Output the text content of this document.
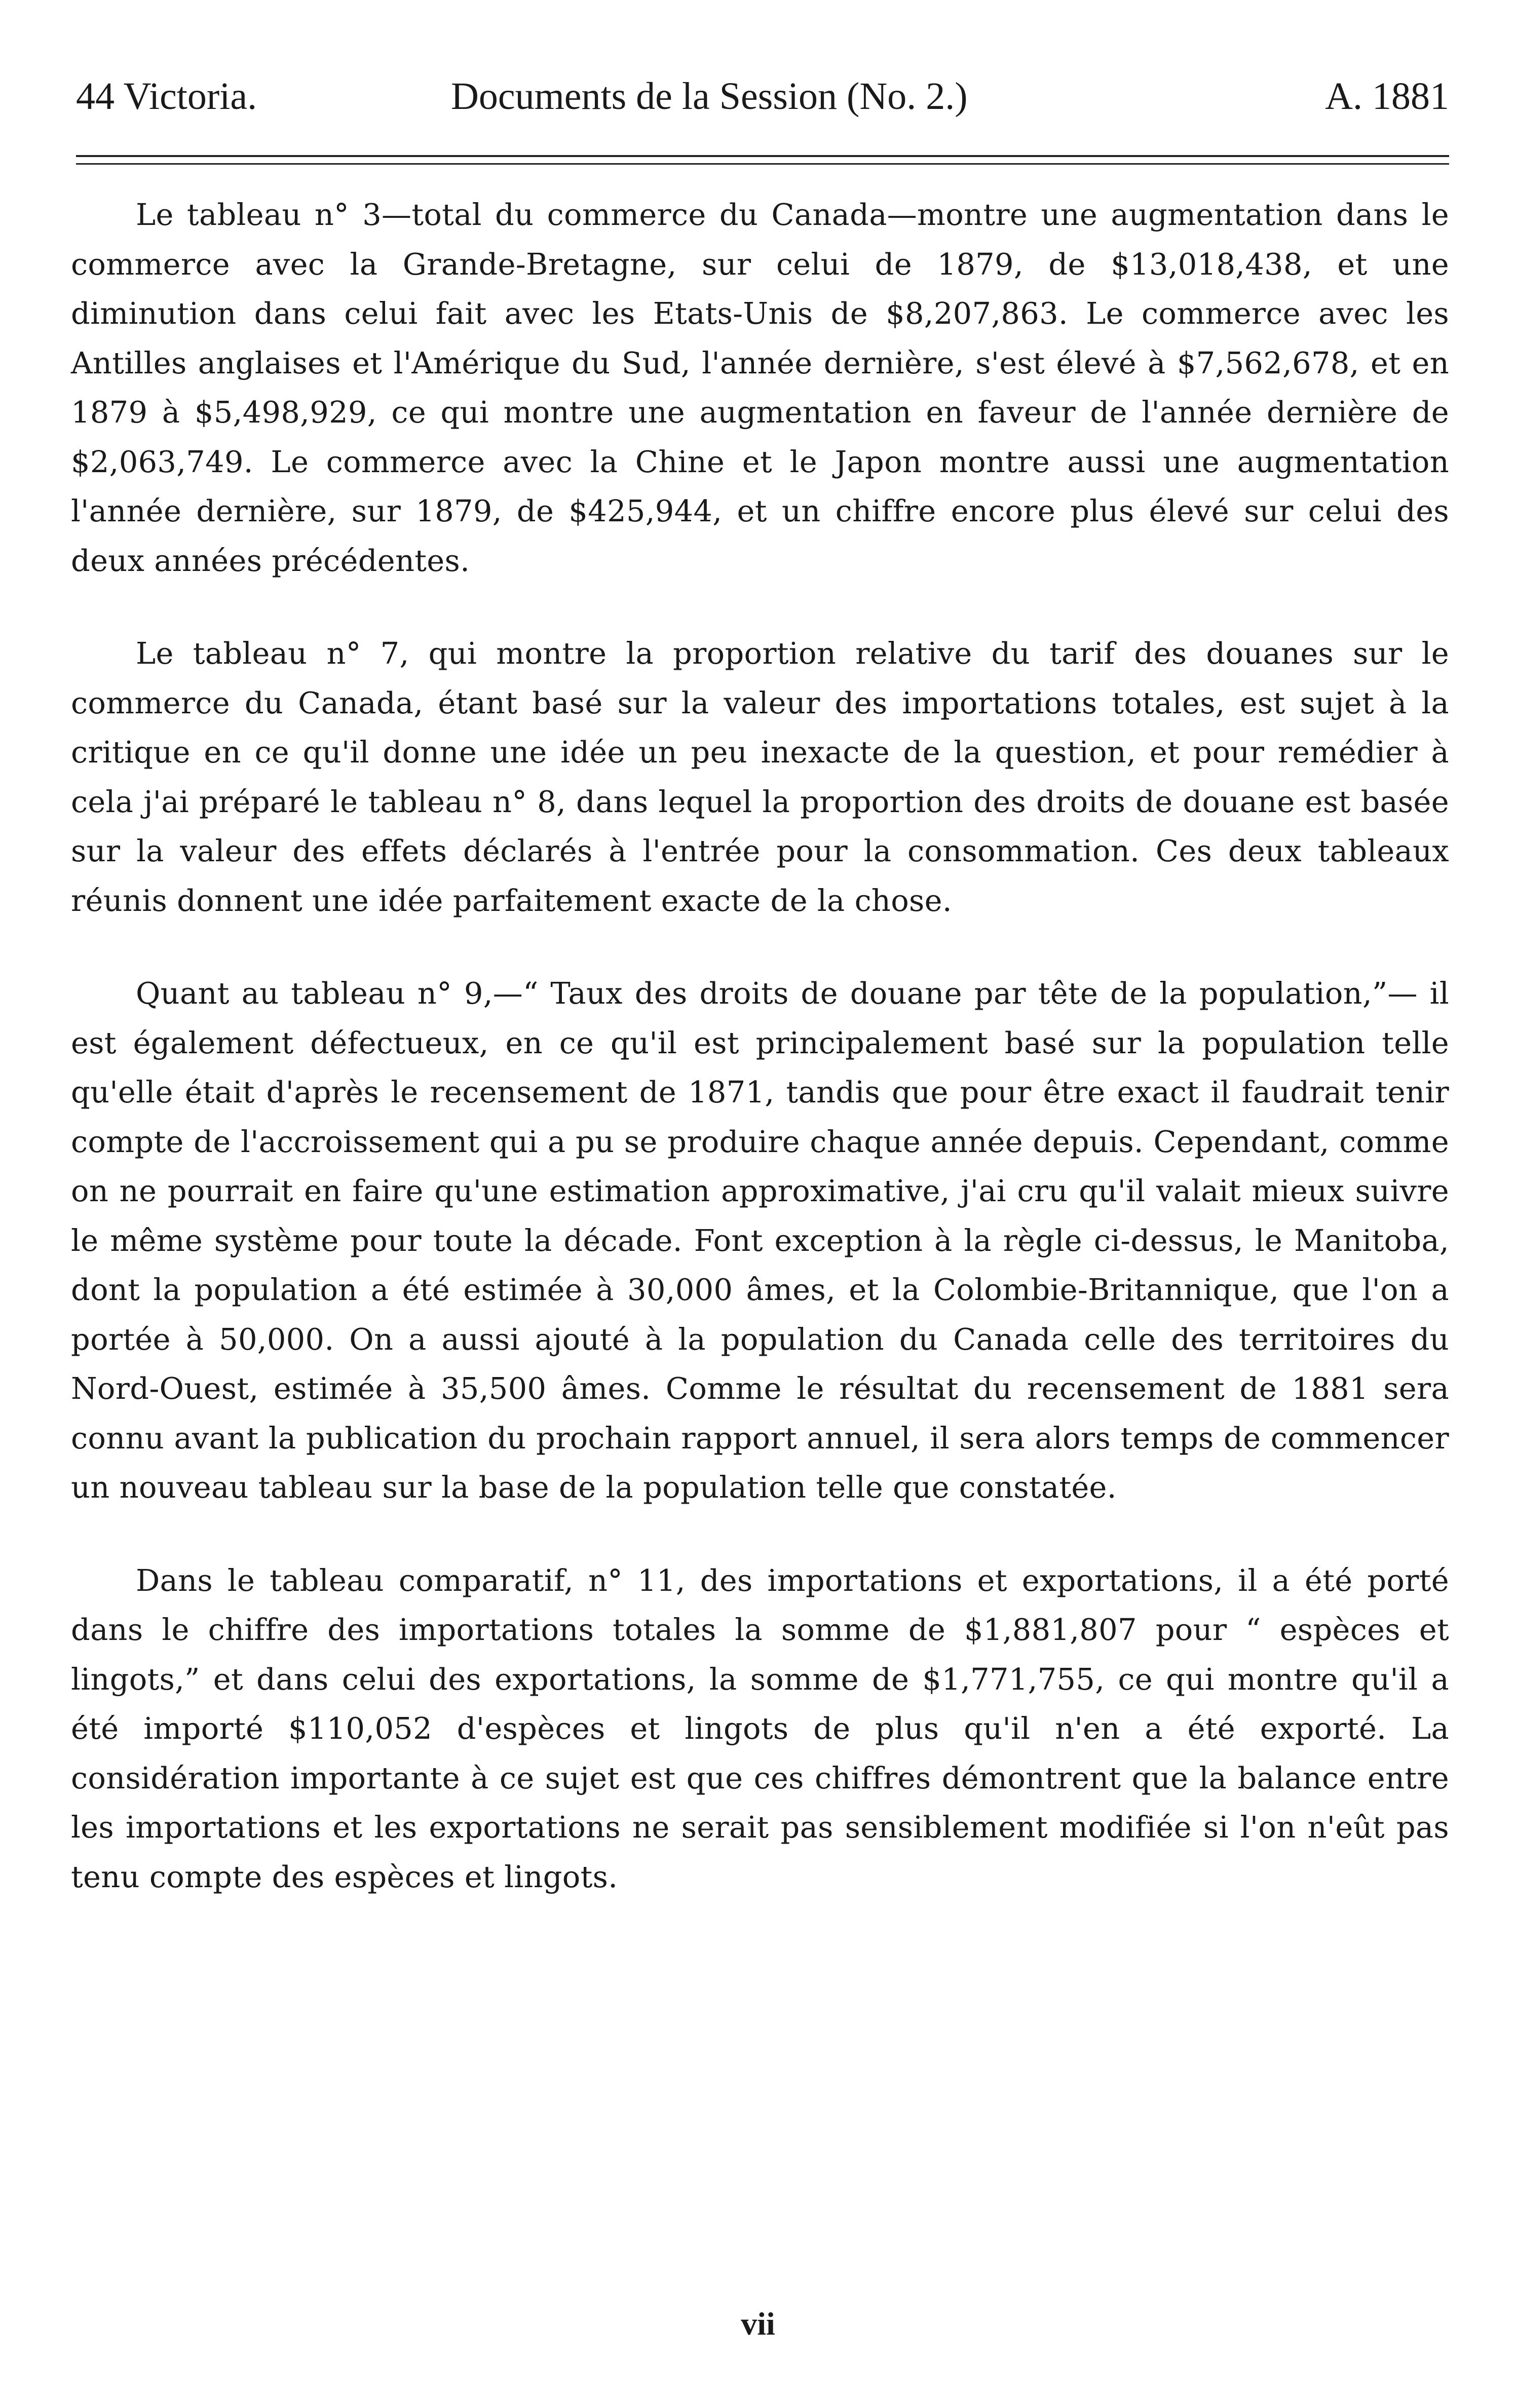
44 Victoria.	Documents de la Session (No. 2.)	A. 1881

Le tableau n° 3—total du commerce du Canada—montre une augmentation dans le commerce avec la Grande-Bretagne, sur celui de 1879, de $13,018,438, et une diminution dans celui fait avec les Etats-Unis de $8,207,863. Le commerce avec les Antilles anglaises et l'Amérique du Sud, l'année dernière, s'est élevé à $7,562,678, et en 1879 à $5,498,929, ce qui montre une augmentation en faveur de l'année dernière de $2,063,749. Le commerce avec la Chine et le Japon montre aussi une augmentation l'année dernière, sur 1879, de $425,944, et un chiffre encore plus élevé sur celui des deux années précédentes.

Le tableau n° 7, qui montre la proportion relative du tarif des douanes sur le commerce du Canada, étant basé sur la valeur des importations totales, est sujet à la critique en ce qu'il donne une idée un peu inexacte de la question, et pour remédier à cela j'ai préparé le tableau n° 8, dans lequel la proportion des droits de douane est basée sur la valeur des effets déclarés à l'entrée pour la consommation. Ces deux tableaux réunis donnent une idée parfaitement exacte de la chose.

Quant au tableau n° 9,—“ Taux des droits de douane par tête de la population,”— il est également défectueux, en ce qu'il est principalement basé sur la population telle qu'elle était d'après le recensement de 1871, tandis que pour être exact il faudrait tenir compte de l'accroissement qui a pu se produire chaque année depuis. Cependant, comme on ne pourrait en faire qu'une estimation approximative, j'ai cru qu'il valait mieux suivre le même système pour toute la décade. Font exception à la règle ci-dessus, le Manitoba, dont la population a été estimée à 30,000 âmes, et la Colombie-Britannique, que l'on a portée à 50,000. On a aussi ajouté à la population du Canada celle des territoires du Nord-Ouest, estimée à 35,500 âmes. Comme le résultat du recensement de 1881 sera connu avant la publication du prochain rapport annuel, il sera alors temps de commencer un nouveau tableau sur la base de la population telle que constatée.

Dans le tableau comparatif, n° 11, des importations et exportations, il a été porté dans le chiffre des importations totales la somme de $1,881,807 pour “ espèces et lingots,” et dans celui des exportations, la somme de $1,771,755, ce qui montre qu'il a été importé $110,052 d'espèces et lingots de plus qu'il n'en a été exporté. La considération importante à ce sujet est que ces chiffres démontrent que la balance entre les importations et les exportations ne serait pas sensiblement modifiée si l'on n'eût pas tenu compte des espèces et lingots.

vii
